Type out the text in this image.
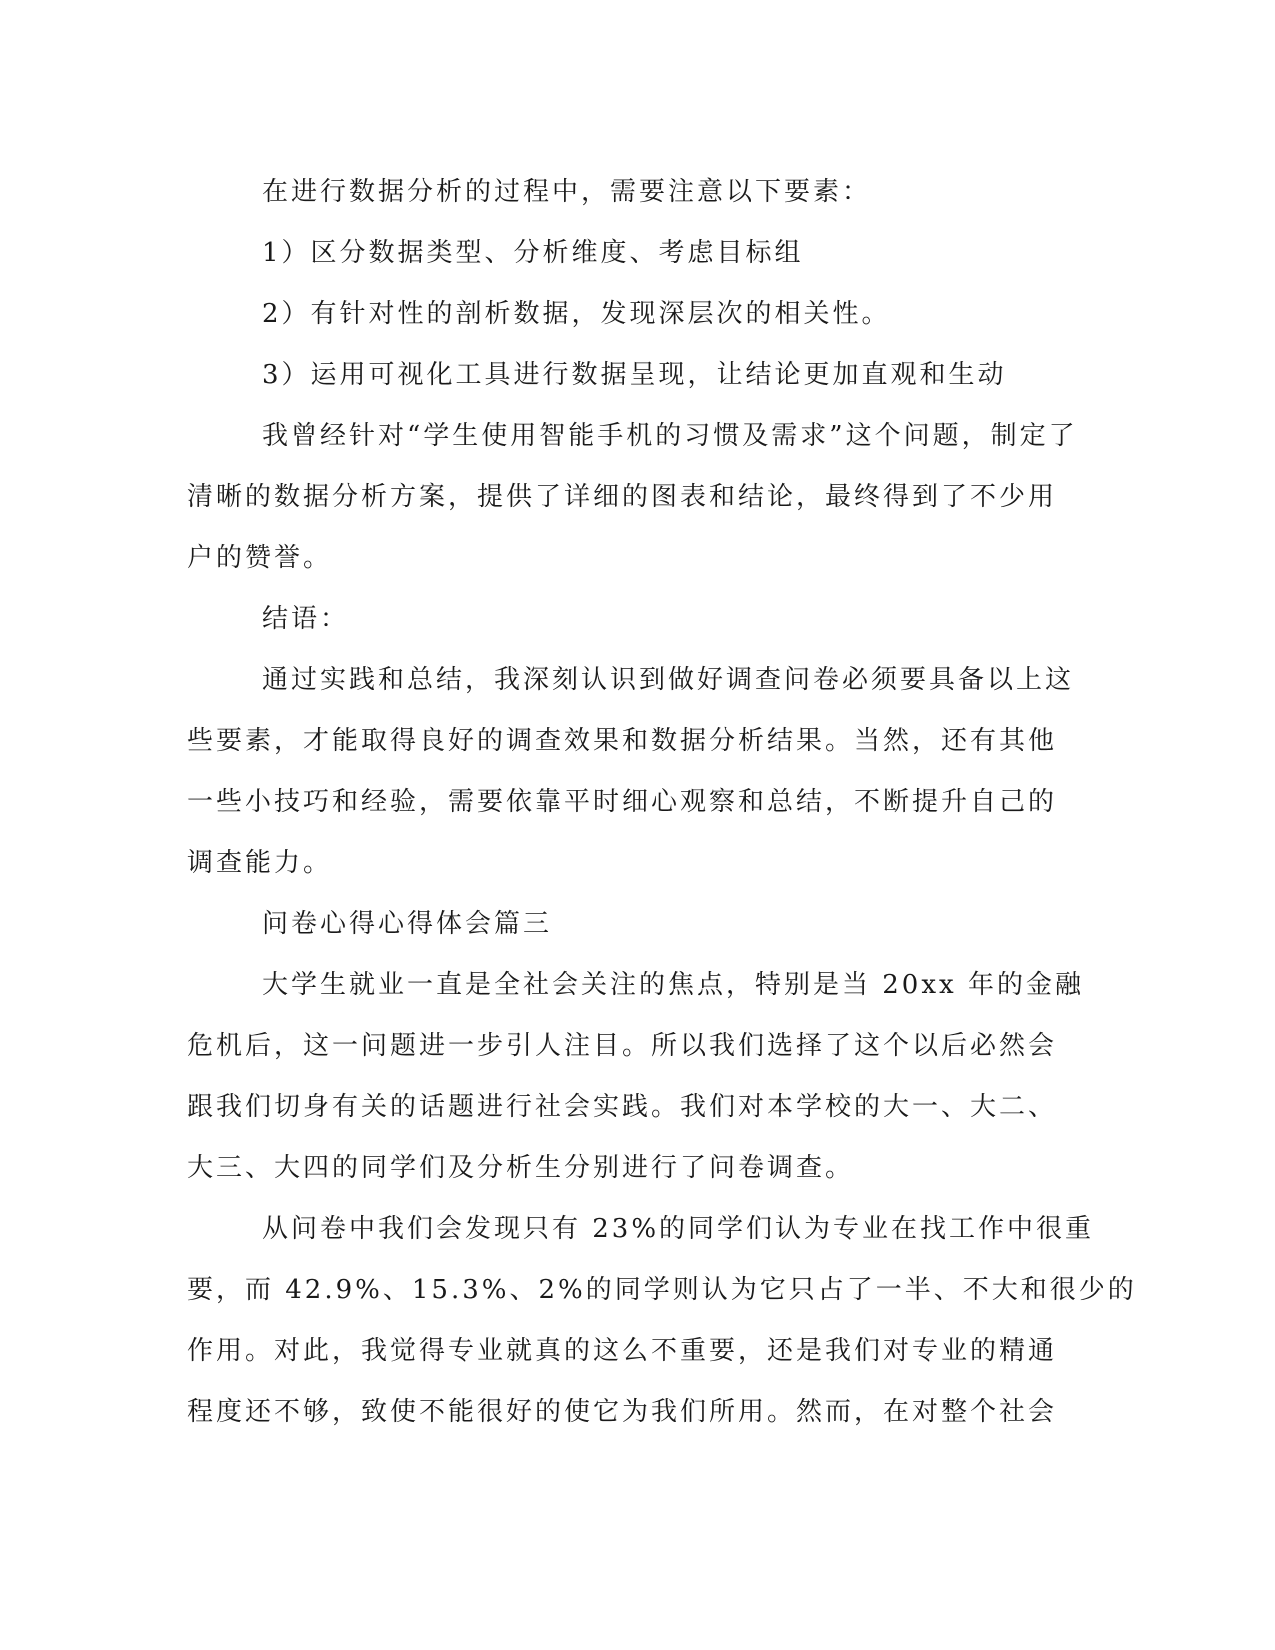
在进行数据分析的过程中，需要注意以下要素：

1）区分数据类型、分析维度、考虑目标组

2）有针对性的剖析数据，发现深层次的相关性。

3）运用可视化工具进行数据呈现，让结论更加直观和生动

我曾经针对“学生使用智能手机的习惯及需求”这个问题，制定了

清晰的数据分析方案，提供了详细的图表和结论，最终得到了不少用

户的赞誉。

结语：

通过实践和总结，我深刻认识到做好调查问卷必须要具备以上这

些要素，才能取得良好的调查效果和数据分析结果。当然，还有其他

一些小技巧和经验，需要依靠平时细心观察和总结，不断提升自己的

调查能力。

问卷心得心得体会篇三

大学生就业一直是全社会关注的焦点，特别是当 20xx 年的金融

危机后，这一问题进一步引人注目。所以我们选择了这个以后必然会

跟我们切身有关的话题进行社会实践。我们对本学校的大一、大二、

大三、大四的同学们及分析生分别进行了问卷调查。

从问卷中我们会发现只有 23%的同学们认为专业在找工作中很重

要，而 42.9%、15.3%、2%的同学则认为它只占了一半、不大和很少的

作用。对此，我觉得专业就真的这么不重要，还是我们对专业的精通

程度还不够，致使不能很好的使它为我们所用。然而，在对整个社会
